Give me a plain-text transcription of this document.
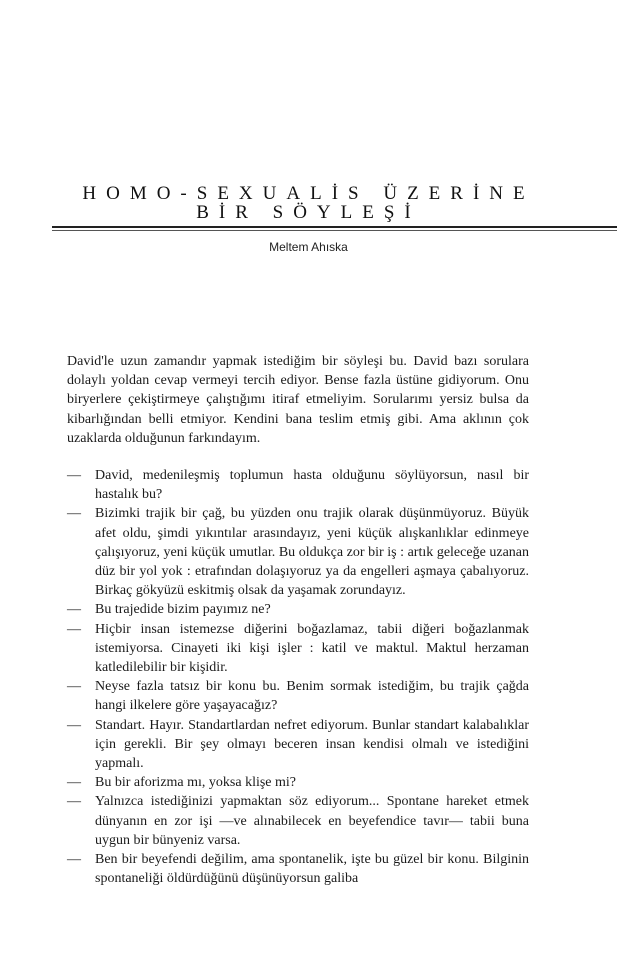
HOMO-SEXUALİS ÜZERİNE
BİR SÖYLEŞİ
Meltem Ahıska

David'le uzun zamandır yapmak istediğim bir söyleşi bu. David bazı sorulara dolaylı yoldan cevap vermeyi tercih ediyor. Bense fazla üstüne gidiyorum. Onu biryerlere çekiştirmeye çalıştığımı itiraf etmeliyim. Sorularımı yersiz bulsa da kibarlığından belli etmiyor. Kendini bana teslim etmiş gibi. Ama aklının çok uzaklarda olduğunun farkındayım.

— David, medenileşmiş toplumun hasta olduğunu söylüyorsun, nasıl bir hastalık bu?

— Bizimki trajik bir çağ, bu yüzden onu trajik olarak düşünmüyoruz. Büyük afet oldu, şimdi yıkıntılar arasındayız, yeni küçük alışkanlıklar edinmeye çalışıyoruz, yeni küçük umutlar. Bu oldukça zor bir iş : artık geleceğe uzanan düz bir yol yok : etrafından dolaşıyoruz ya da engelleri aşmaya çabalıyoruz. Birkaç gökyüzü eskitmiş olsak da yaşamak zorundayız.

— Bu trajedide bizim payımız ne?

— Hiçbir insan istemezse diğerini boğazlamaz, tabii diğeri boğazlanmak istemiyorsa. Cinayeti iki kişi işler : katil ve maktul. Maktul herzaman katledilebilir bir kişidir.

— Neyse fazla tatsız bir konu bu. Benim sormak istediğim, bu trajik çağda hangi ilkelere göre yaşayacağız?

— Standart. Hayır. Standartlardan nefret ediyorum. Bunlar standart kalabalıklar için gerekli. Bir şey olmayı beceren insan kendisi olmalı ve istediğini yapmalı.

— Bu bir aforizma mı, yoksa klişe mi?

— Yalnızca istediğinizi yapmaktan söz ediyorum... Spontane hareket etmek dünyanın en zor işi —ve alınabilecek en beyefendice tavır— tabii buna uygun bir bünyeniz varsa.

— Ben bir beyefendi değilim, ama spontanelik, işte bu güzel bir konu. Bilginin spontaneliği öldürdüğünü düşünüyorsun galiba
